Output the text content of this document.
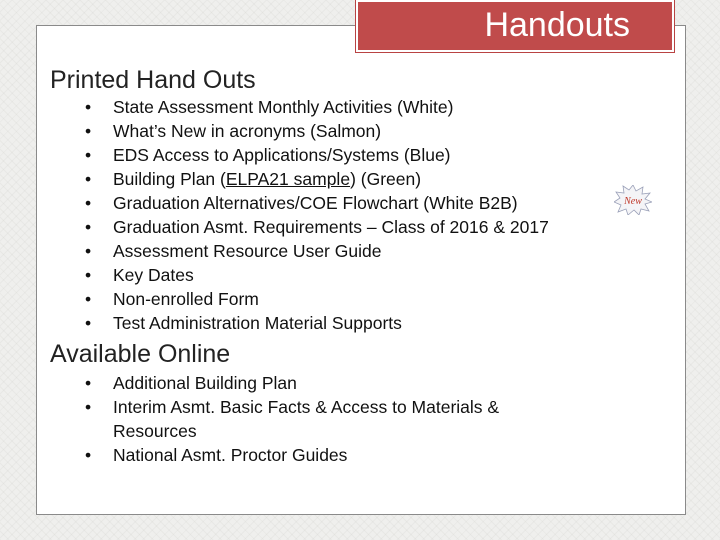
Handouts
Printed Hand Outs
• State Assessment Monthly Activities (White)
• What’s New in acronyms (Salmon)
• EDS Access to Applications/Systems (Blue)
• Building Plan (ELPA21 sample) (Green)
• Graduation Alternatives/COE Flowchart (White B2B)
• Graduation Asmt. Requirements – Class of 2016 & 2017
• Assessment Resource User Guide
• Key Dates
• Non-enrolled Form
• Test Administration Material Supports
New
Available Online
• Additional Building Plan
• Interim Asmt. Basic Facts & Access to Materials & Resources
• National Asmt. Proctor Guides
